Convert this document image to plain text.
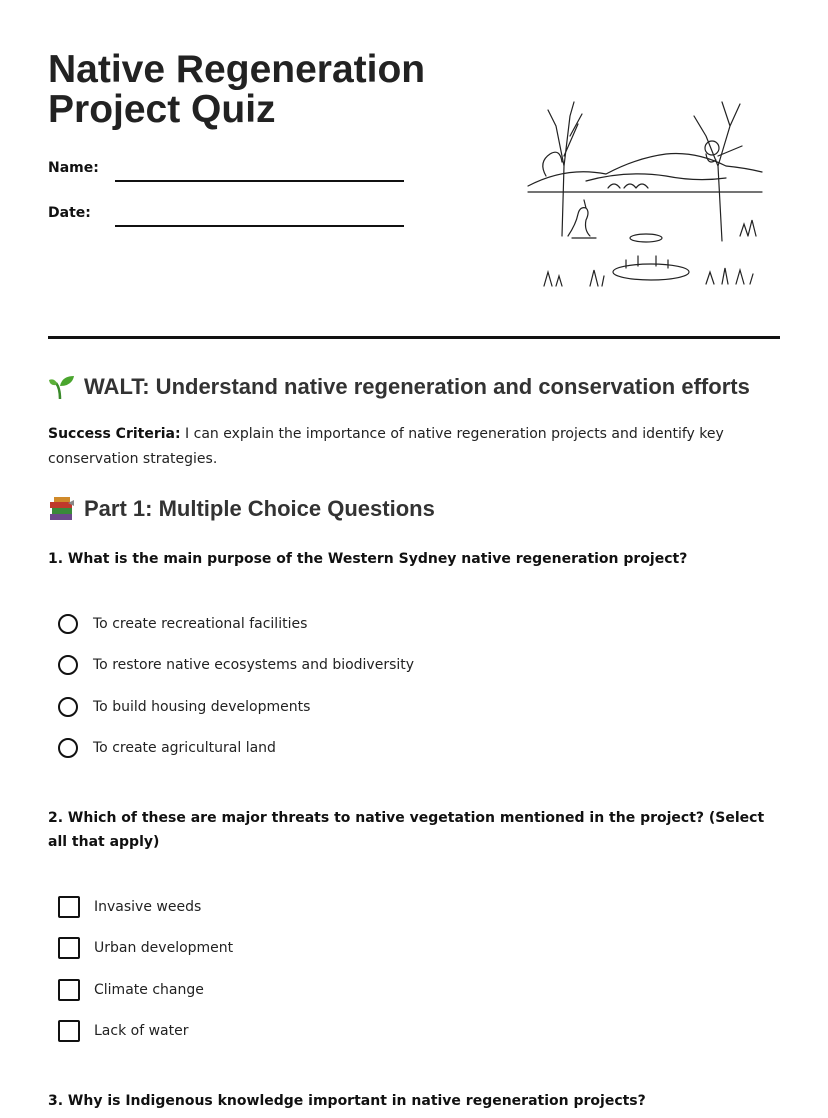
Native Regeneration Project Quiz
Name:
Date:
WALT: Understand native regeneration and conservation efforts
Success Criteria: I can explain the importance of native regeneration projects and identify key conservation strategies.
Part 1: Multiple Choice Questions
1. What is the main purpose of the Western Sydney native regeneration project?
To create recreational facilities
To restore native ecosystems and biodiversity
To build housing developments
To create agricultural land
2. Which of these are major threats to native vegetation mentioned in the project? (Select all that apply)
Invasive weeds
Urban development
Climate change
Lack of water
3. Why is Indigenous knowledge important in native regeneration projects?
